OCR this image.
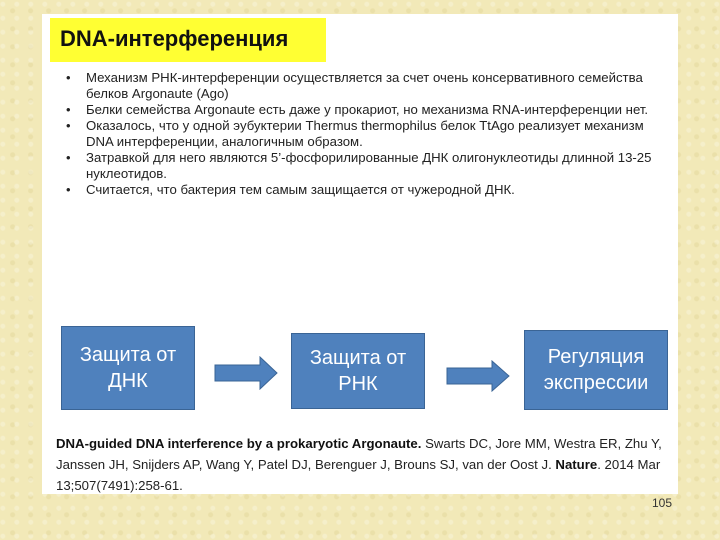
DNA-интерференция
• Механизм РНК-интерференции осуществляется за счет очень консервативного семейства белков Argonaute (Ago)
• Белки семейства Argonaute есть даже у прокариот, но механизма RNA-интерференции нет.
• Оказалось, что у одной эубуктерии Thermus thermophilus белок TtAgo реализует механизм DNA интерференции, аналогичным образом.
• Затравкой для него являются 5’-фосфорилированные ДНК олигонуклеотиды длинной 13-25 нуклеотидов.
• Считается, что бактерия тем самым защищается от чужеродной ДНК.
Защита от
ДНК
Защита от
РНК
Регуляция
экспрессии
DNA-guided DNA interference by a prokaryotic Argonaute. Swarts DC, Jore MM, Westra ER, Zhu Y, Janssen JH, Snijders AP, Wang Y, Patel DJ, Berenguer J, Brouns SJ, van der Oost J. Nature. 2014 Mar 13;507(7491):258-61.
105
